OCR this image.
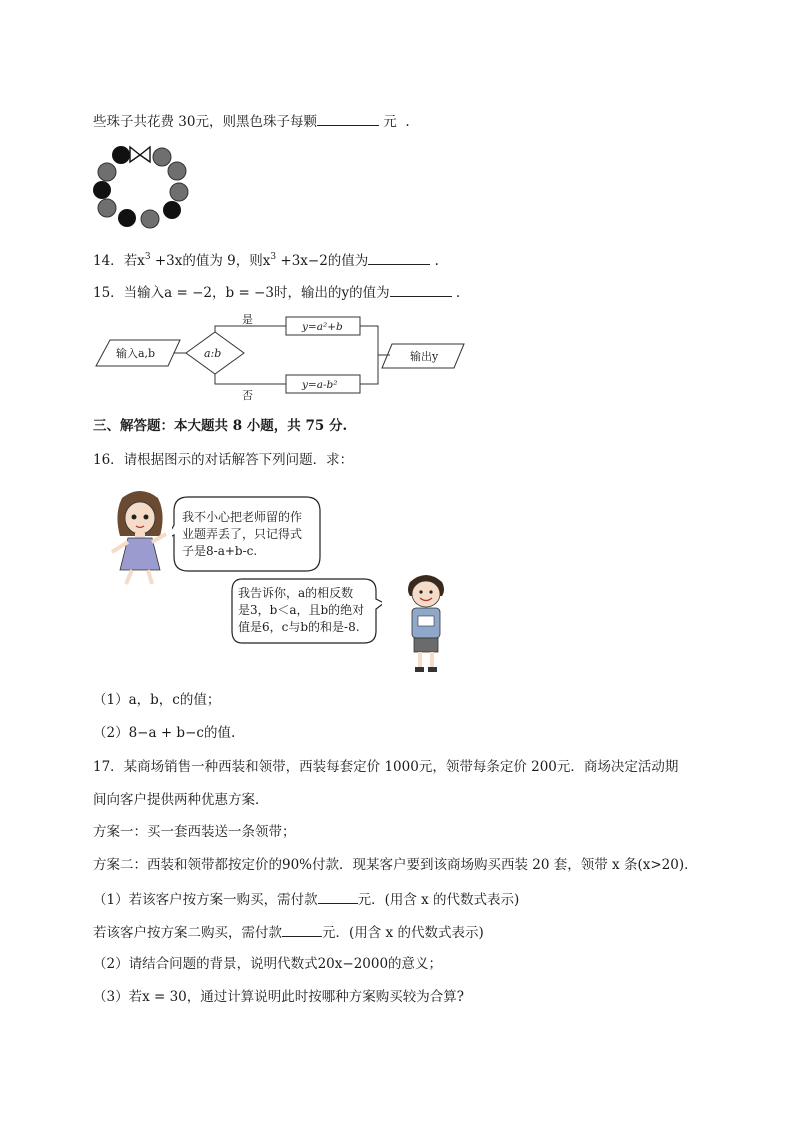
些珠子共花费 30元，则黑色珠子每颗	元 .
14．若$x^3 +3x$的值为 9，则$x^3 +3x-2$的值为	.
15．当输入a = −2，b = −3时，输出的y的值为	.
输入a,b	a:b
是
否
y=a²+b
y=a-b²
输出y
三、解答题：本大题共 8 小题，共 75 分.
16．请根据图示的对话解答下列问题．求：
我不小心把老师留的作
业题弄丢了，只记得式
子是8-a+b-c.
我告诉你，a的相反数
是3，b＜a，且b的绝对
值是6，c与b的和是-8.
（1）a，b，c的值；
（2）8−a + b−c的值.
17．某商场销售一种西装和领带，西装每套定价 1000元，领带每条定价 200元．商场决定活动期
间向客户提供两种优惠方案．
方案一：买一套西装送一条领带；
方案二：西装和领带都按定价的90%付款．现某客户要到该商场购买西装 20 套，领带 x 条(x>20)．
（1）若该客户按方案一购买，需付款	元．(用含 x 的代数式表示)
若该客户按方案二购买，需付款	元．(用含 x 的代数式表示)
（2）请结合问题的背景，说明代数式20x−2000的意义；
（3）若x = 30，通过计算说明此时按哪种方案购买较为合算?
